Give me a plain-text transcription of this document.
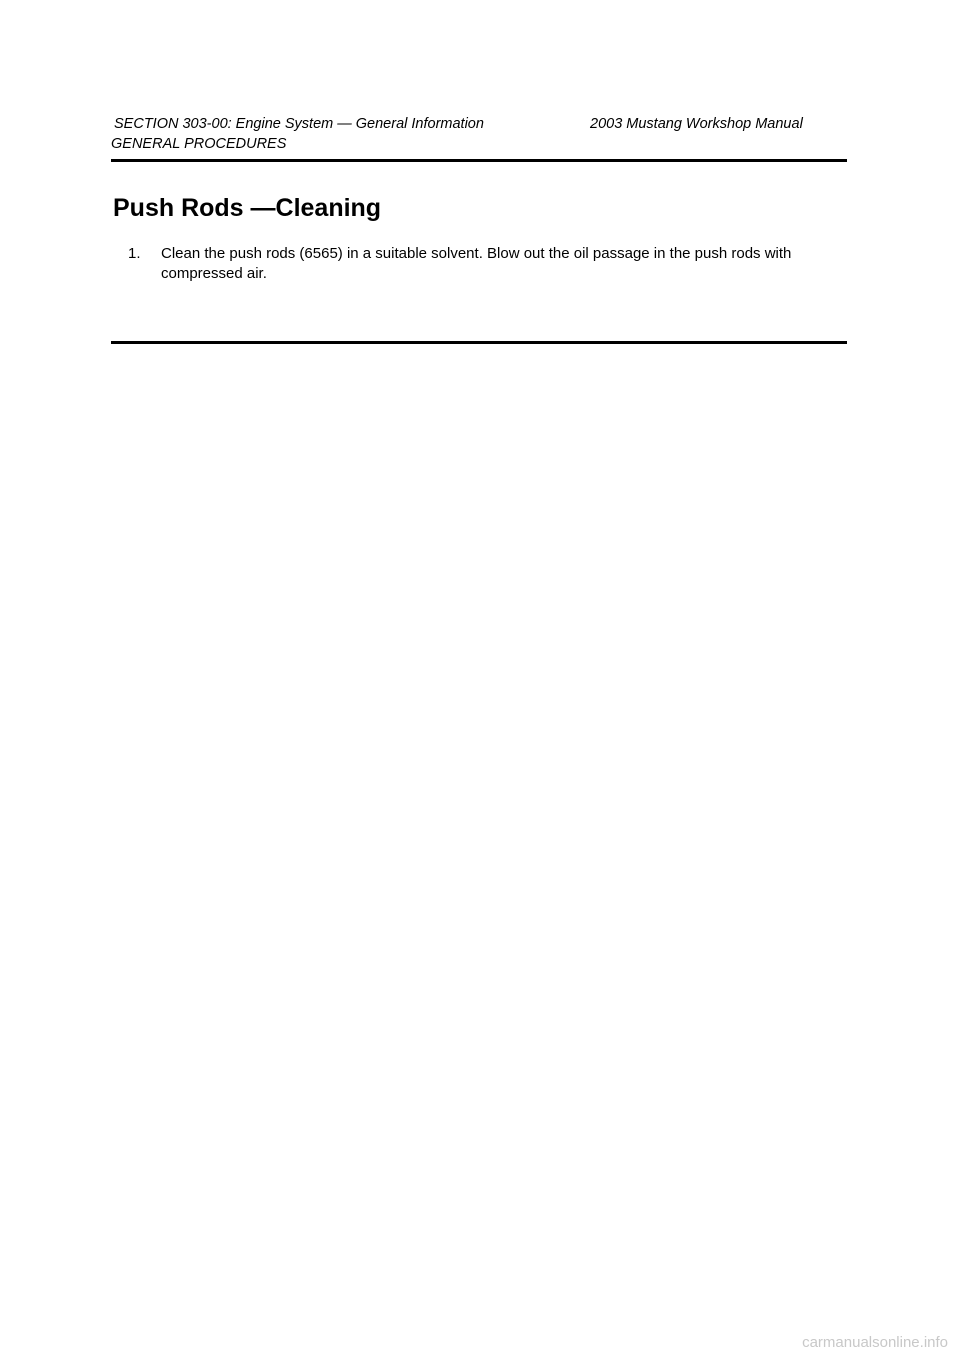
SECTION 303-00: Engine System — General Information	2003 Mustang Workshop Manual
GENERAL PROCEDURES
Push Rods —Cleaning
1. Clean the push rods (6565) in a suitable solvent. Blow out the oil passage in the push rods with compressed air.
carmanualsonline.info
